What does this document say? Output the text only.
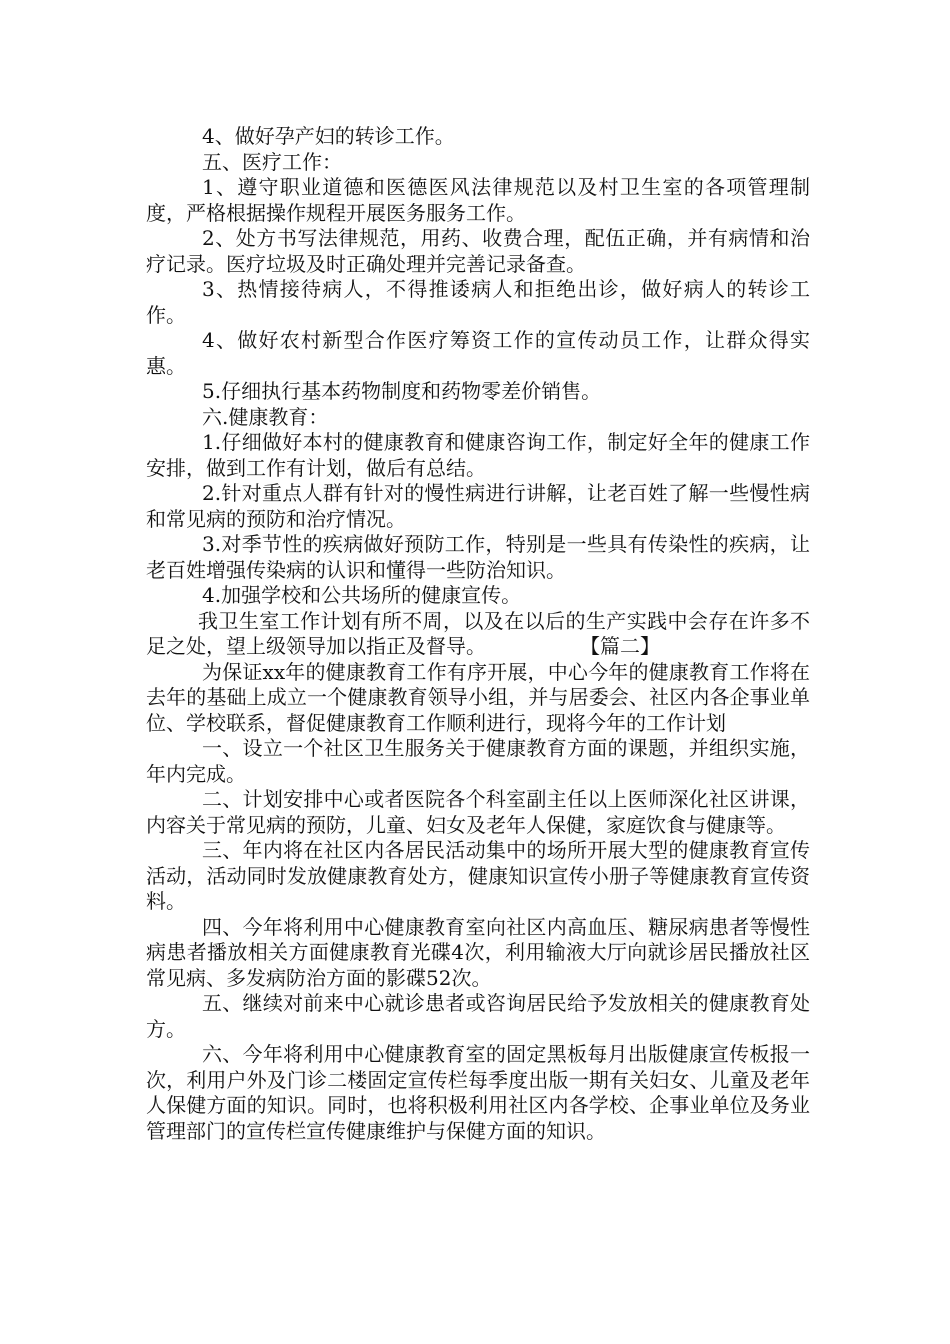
4、做好孕产妇的转诊工作。

五、医疗工作：

1、遵守职业道德和医德医风法律规范以及村卫生室的各项管理制度，严格根据操作规程开展医务服务工作。

2、处方书写法律规范，用药、收费合理，配伍正确，并有病情和治疗记录。医疗垃圾及时正确处理并完善记录备查。

3、热情接待病人，不得推诿病人和拒绝出诊，做好病人的转诊工作。

4、做好农村新型合作医疗筹资工作的宣传动员工作，让群众得实惠。

5.仔细执行基本药物制度和药物零差价销售。

六.健康教育：

1.仔细做好本村的健康教育和健康咨询工作，制定好全年的健康工作安排，做到工作有计划，做后有总结。

2.针对重点人群有针对的慢性病进行讲解，让老百姓了解一些慢性病和常见病的预防和治疗情况。

3.对季节性的疾病做好预防工作，特别是一些具有传染性的疾病，让老百姓增强传染病的认识和懂得一些防治知识。

4.加强学校和公共场所的健康宣传。

我卫生室工作计划有所不周，以及在以后的生产实践中会存在许多不足之处，望上级领导加以指正及督导。	【篇二】

为保证xx年的健康教育工作有序开展，中心今年的健康教育工作将在去年的基础上成立一个健康教育领导小组，并与居委会、社区内各企事业单位、学校联系，督促健康教育工作顺利进行，现将今年的工作计划

一、设立一个社区卫生服务关于健康教育方面的课题，并组织实施，年内完成。

二、计划安排中心或者医院各个科室副主任以上医师深化社区讲课，内容关于常见病的预防，儿童、妇女及老年人保健，家庭饮食与健康等。

三、年内将在社区内各居民活动集中的场所开展大型的健康教育宣传活动，活动同时发放健康教育处方，健康知识宣传小册子等健康教育宣传资料。

四、今年将利用中心健康教育室向社区内高血压、糖尿病患者等慢性病患者播放相关方面健康教育光碟4次，利用输液大厅向就诊居民播放社区常见病、多发病防治方面的影碟52次。

五、继续对前来中心就诊患者或咨询居民给予发放相关的健康教育处方。

六、今年将利用中心健康教育室的固定黑板每月出版健康宣传板报一次，利用户外及门诊二楼固定宣传栏每季度出版一期有关妇女、儿童及老年人保健方面的知识。同时，也将积极利用社区内各学校、企事业单位及务业管理部门的宣传栏宣传健康维护与保健方面的知识。
